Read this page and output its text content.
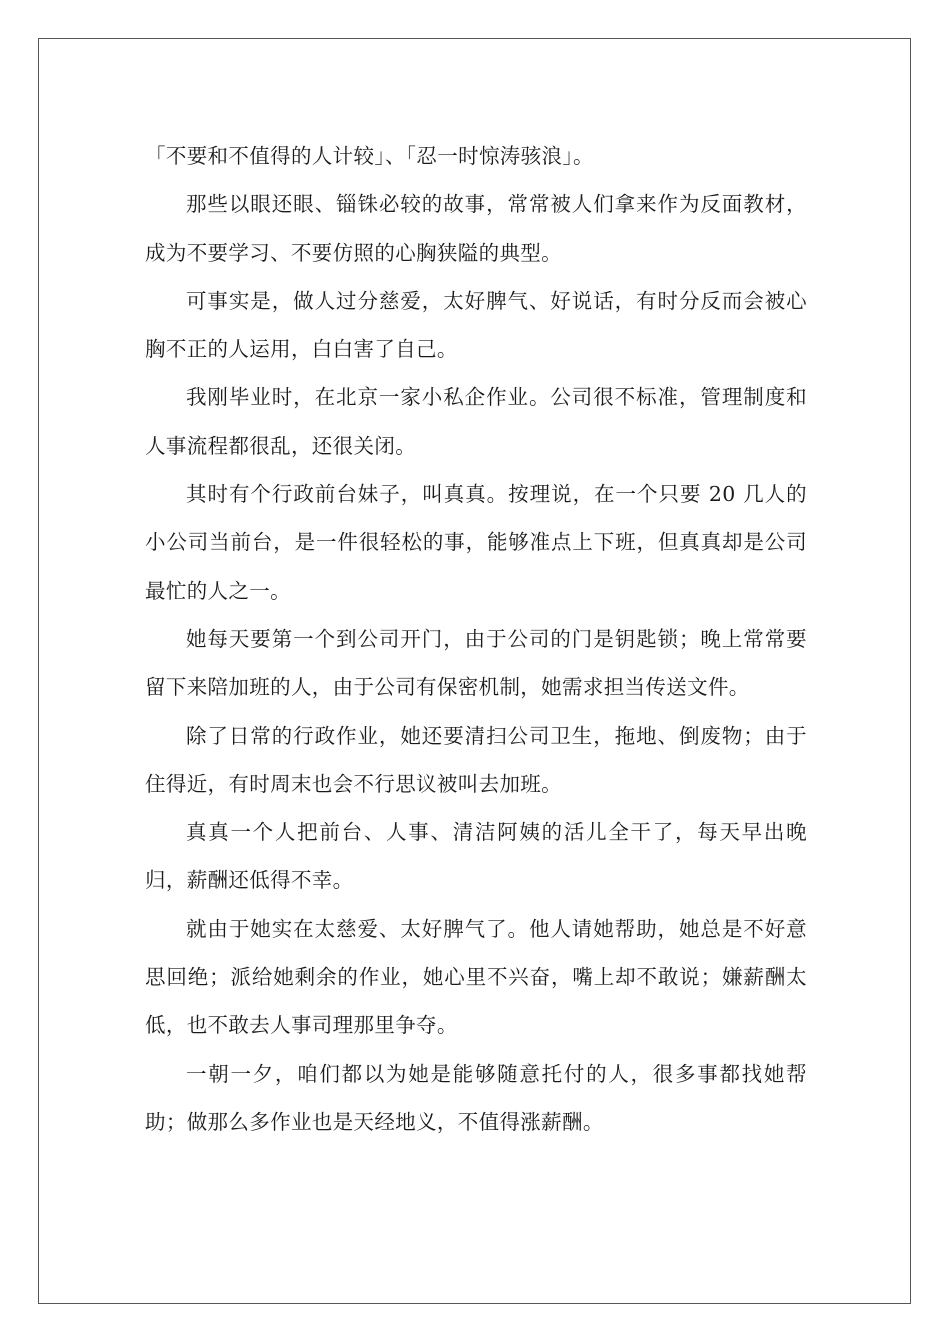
「不要和不值得的人计较」、「忍一时惊涛骇浪」。

那些以眼还眼、锱铢必较的故事，常常被人们拿来作为反面教材，成为不要学习、不要仿照的心胸狭隘的典型。

可事实是，做人过分慈爱，太好脾气、好说话，有时分反而会被心胸不正的人运用，白白害了自己。

我刚毕业时，在北京一家小私企作业。公司很不标准，管理制度和人事流程都很乱，还很关闭。

其时有个行政前台妹子，叫真真。按理说，在一个只要 20 几人的小公司当前台，是一件很轻松的事，能够准点上下班，但真真却是公司最忙的人之一。

她每天要第一个到公司开门，由于公司的门是钥匙锁；晚上常常要留下来陪加班的人，由于公司有保密机制，她需求担当传送文件。

除了日常的行政作业，她还要清扫公司卫生，拖地、倒废物；由于住得近，有时周末也会不行思议被叫去加班。

真真一个人把前台、人事、清洁阿姨的活儿全干了，每天早出晚归，薪酬还低得不幸。

就由于她实在太慈爱、太好脾气了。他人请她帮助，她总是不好意思回绝；派给她剩余的作业，她心里不兴奋，嘴上却不敢说；嫌薪酬太低，也不敢去人事司理那里争夺。

一朝一夕，咱们都以为她是能够随意托付的人，很多事都找她帮助；做那么多作业也是天经地义，不值得涨薪酬。
